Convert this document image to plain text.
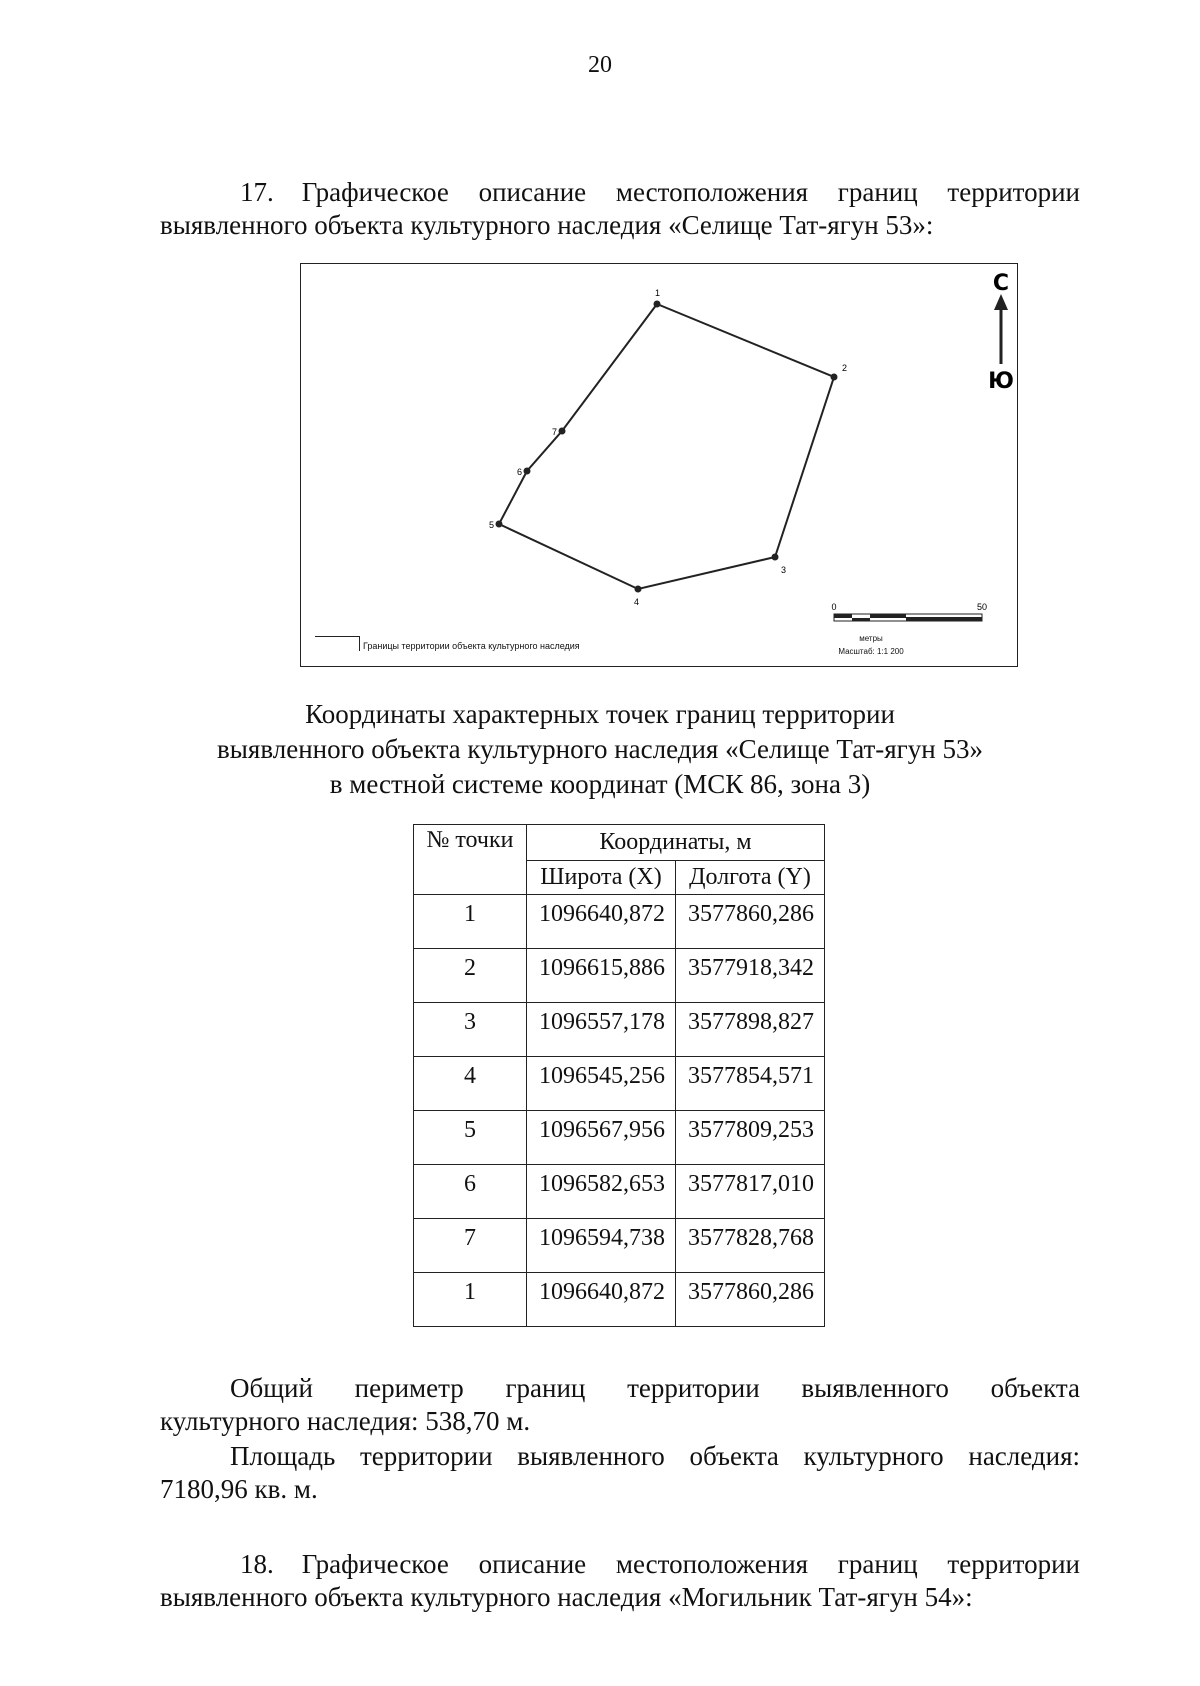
20
17. Графическое описание местоположения границ территории
выявленного объекта культурного наследия «Селище Тат-ягун 53»:
1
2
3
4
5
6
7
С
Ю
0	50
Границы территории объекта культурного наследия
метры
Масштаб: 1:1 200
Координаты характерных точек границ территории
выявленного объекта культурного наследия «Селище Тат-ягун 53»
в местной системе координат (МСК 86, зона 3)
№ точки	Координаты, м	
	Широта (X)	Долгота (Y)
1	1096640,872	3577860,286
2	1096615,886	3577918,342
3	1096557,178	3577898,827
4	1096545,256	3577854,571
5	1096567,956	3577809,253
6	1096582,653	3577817,010
7	1096594,738	3577828,768
1	1096640,872	3577860,286
Общий периметр границ территории выявленного объекта
культурного наследия: 538,70 м.
Площадь территории выявленного объекта культурного наследия:
7180,96 кв. м.
18. Графическое описание местоположения границ территории
выявленного объекта культурного наследия «Могильник Тат-ягун 54»:
